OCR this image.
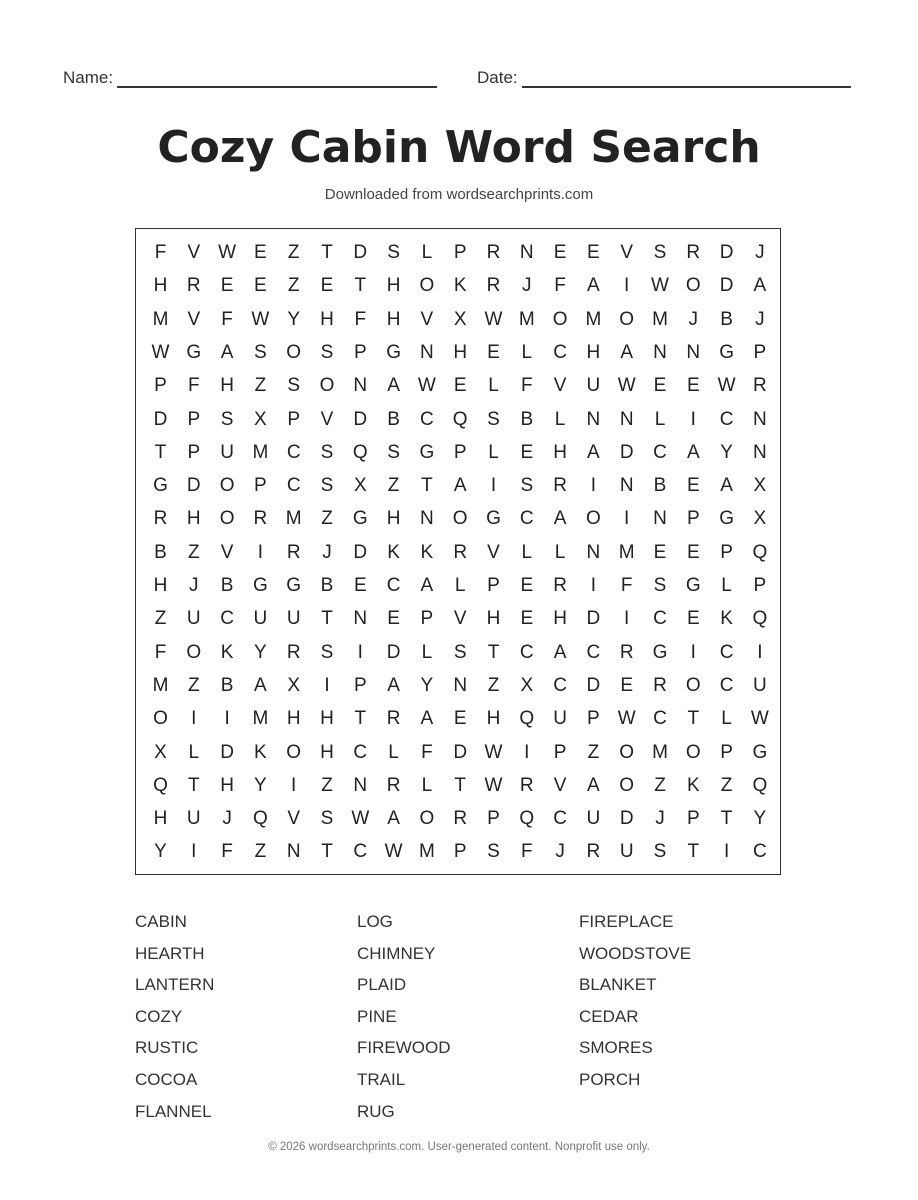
Name:	Date:
Cozy Cabin Word Search
Downloaded from wordsearchprints.com
F	V W E	Z	T	D	S	L	P	R	N	E	E	V	S	R	D	J
H	R	E	E	Z	E	T	H	O	K	R	J	F	A	I	W O	D	A
M	V	F W Y	H	F	H	V	X W M O M O M	J	B	J
W G	A	S	O	S	P	G	N	H	E	L	C	H	A	N	N	G	P
P	F	H	Z	S	O	N	A W E	L	F	V	U W E	E W R
D	P	S	X	P	V	D	B	C	Q	S	B	L	N	N	L	I	C	N
T	P	U M C	S	Q	S	G	P	L	E	H	A	D	C	A	Y	N
G	D	O	P	C	S	X	Z	T	A	I	S	R	I	N	B	E	A	X
R	H	O	R M	Z	G	H	N	O G	C	A	O	I	N	P	G	X
B	Z	V	I	R	J	D	K	K	R	V	L	L	N M	E	E	P	Q
H	J	B	G G	B	E	C	A	L	P	E	R	I	F	S	G	L	P
Z	U	C	U	U	T	N	E	P	V	H	E	H	D	I	C	E	K	Q
F	O	K	Y	R	S	I	D	L	S	T	C	A	C	R	G	I	C	I
M	Z	B	A	X	I	P	A	Y	N	Z	X	C	D	E	R	O	C	U
O	I	I	M H	H	T	R	A	E	H	Q	U	P W C	T	L	W
X	L	D	K	O	H	C	L	F	D W	I	P	Z	O M O	P	G
Q	T	H	Y	I	Z	N	R	L	T W R	V	A	O	Z	K	Z	Q
H	U	J	Q	V	S W A	O	R	P	Q	C	U	D	J	P	T	Y
Y	I	F	Z	N	T	C W M	P	S	F	J	R	U	S	T	I	C
CABIN
HEARTH
LANTERN
COZY
RUSTIC
COCOA
FLANNEL
LOG
CHIMNEY
PLAID
PINE
FIREWOOD
TRAIL
RUG
FIREPLACE
WOODSTOVE
BLANKET
CEDAR
SMORES
PORCH
© 2026 wordsearchprints.com. User-generated content. Nonprofit use only.
